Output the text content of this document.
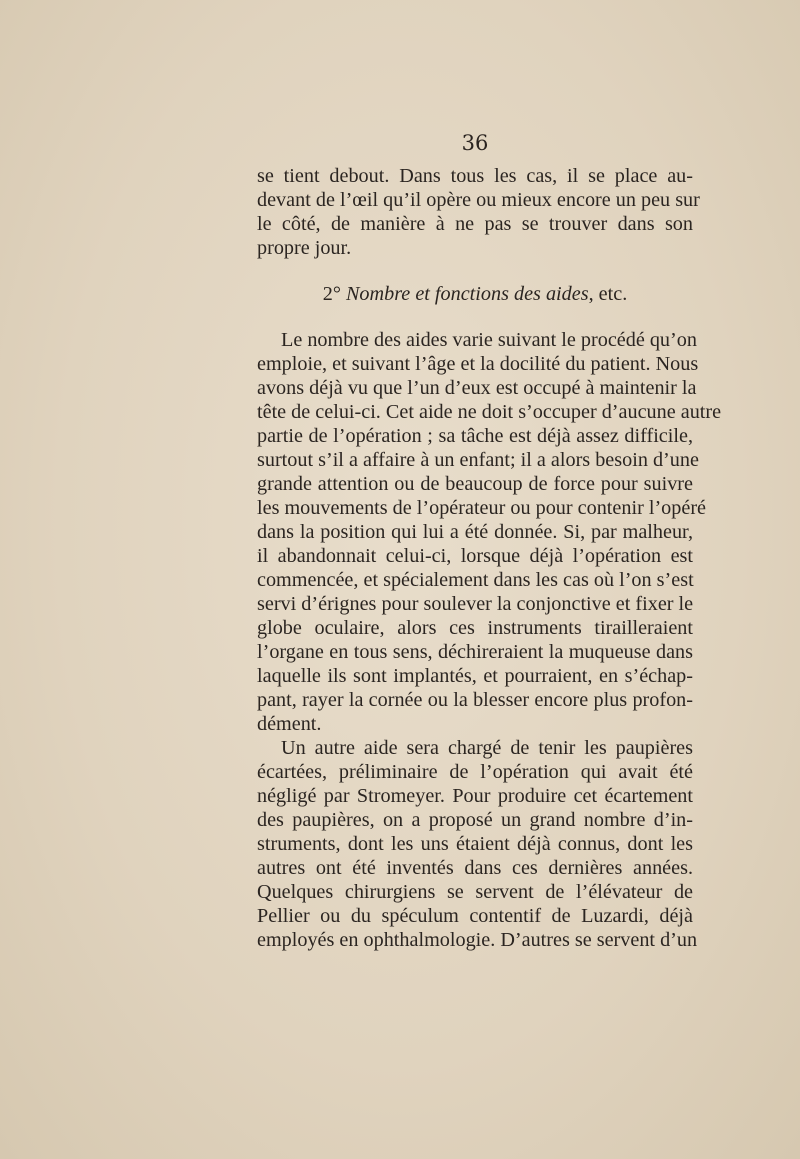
36
se tient debout. Dans tous les cas, il se place au-
devant de l’œil qu’il opère ou mieux encore un peu sur
le côté, de manière à ne pas se trouver dans son
propre jour.
2° Nombre et fonctions des aides, etc.
Le nombre des aides varie suivant le procédé qu’on
emploie, et suivant l’âge et la docilité du patient. Nous
avons déjà vu que l’un d’eux est occupé à maintenir la
tête de celui-ci. Cet aide ne doit s’occuper d’aucune autre
partie de l’opération ; sa tâche est déjà assez difficile,
surtout s’il a affaire à un enfant; il a alors besoin d’une
grande attention ou de beaucoup de force pour suivre
les mouvements de l’opérateur ou pour contenir l’opéré
dans la position qui lui a été donnée. Si, par malheur,
il abandonnait celui-ci, lorsque déjà l’opération est
commencée, et spécialement dans les cas où l’on s’est
servi d’érignes pour soulever la conjonctive et fixer le
globe oculaire, alors ces instruments tirailleraient
l’organe en tous sens, déchireraient la muqueuse dans
laquelle ils sont implantés, et pourraient, en s’échap-
pant, rayer la cornée ou la blesser encore plus profon-
dément.
Un autre aide sera chargé de tenir les paupières
écartées, préliminaire de l’opération qui avait été
négligé par Stromeyer. Pour produire cet écartement
des paupières, on a proposé un grand nombre d’in-
struments, dont les uns étaient déjà connus, dont les
autres ont été inventés dans ces dernières années.
Quelques chirurgiens se servent de l’élévateur de
Pellier ou du spéculum contentif de Luzardi, déjà
employés en ophthalmologie. D’autres se servent d’un
